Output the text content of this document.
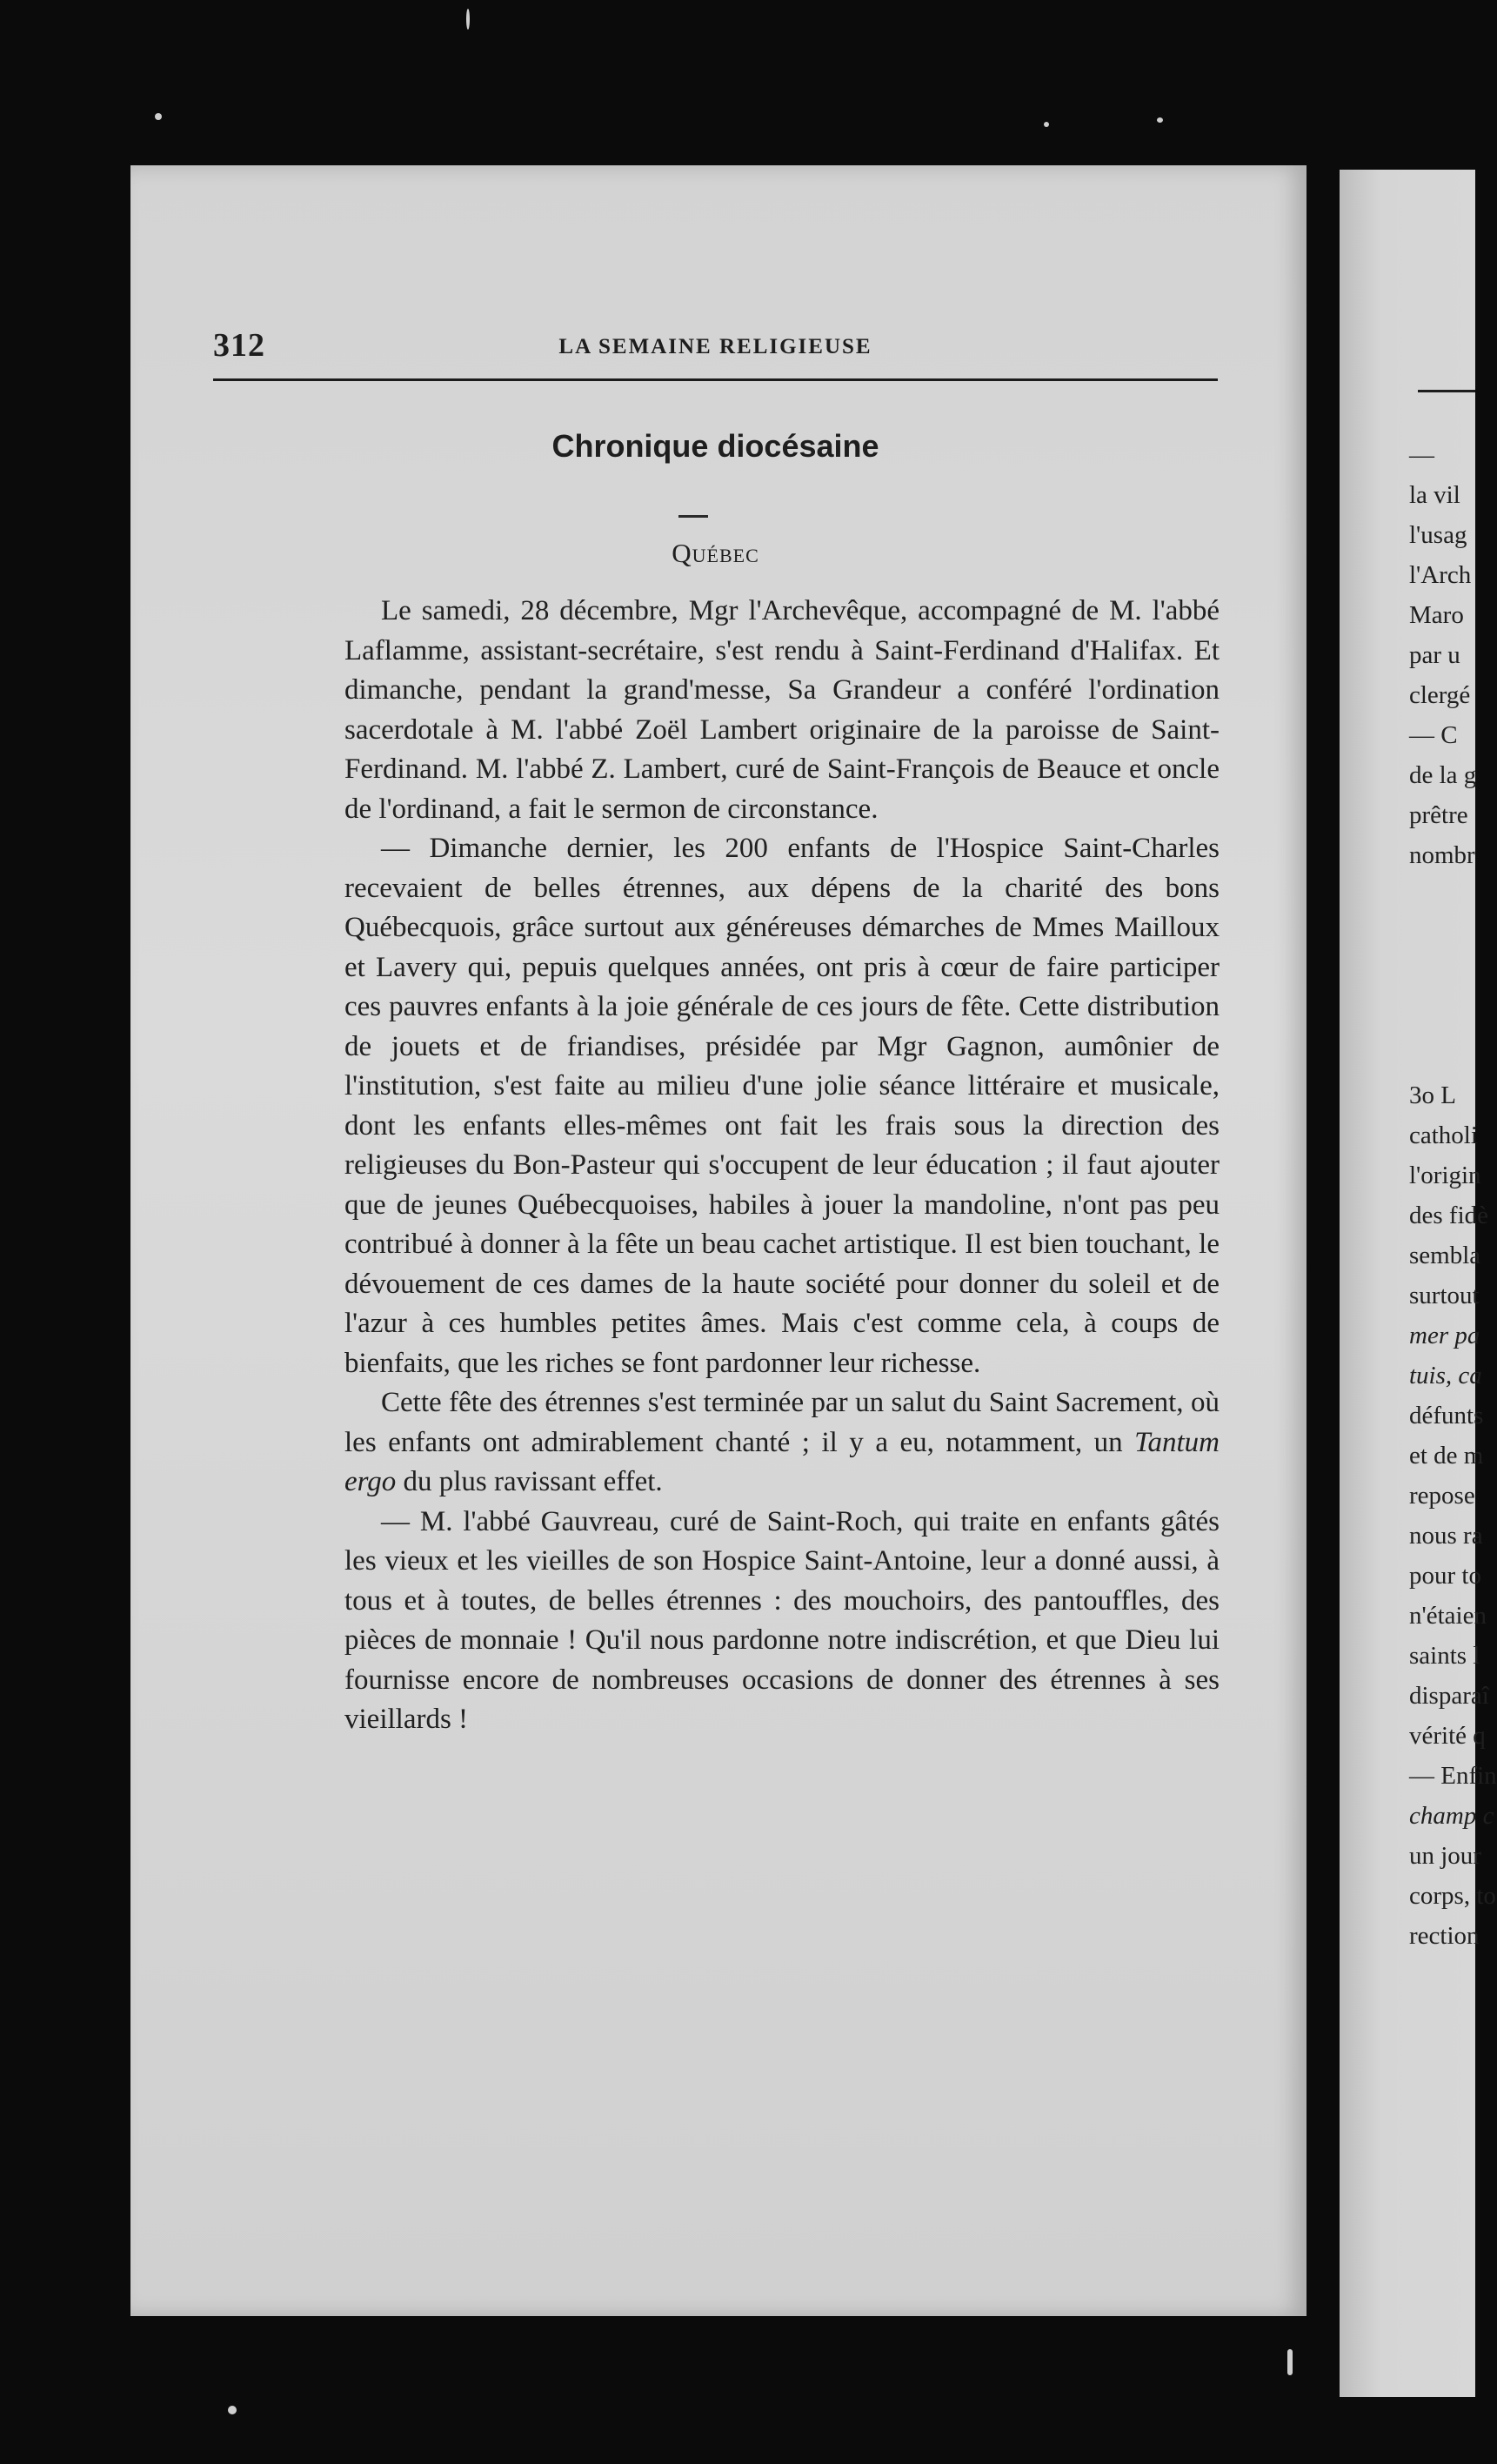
312	LA SEMAINE RELIGIEUSE
Chronique diocésaine
Québec

Le samedi, 28 décembre, Mgr l'Archevêque, accompagné de M. l'abbé Laflamme, assistant-secrétaire, s'est rendu à Saint-Ferdinand d'Halifax. Et dimanche, pendant la grand'messe, Sa Grandeur a conféré l'ordination sacerdotale à M. l'abbé Zoël Lambert originaire de la paroisse de Saint-Ferdinand. M. l'abbé Z. Lambert, curé de Saint-François de Beauce et oncle de l'ordinand, a fait le sermon de circonstance.

— Dimanche dernier, les 200 enfants de l'Hospice Saint-Charles recevaient de belles étrennes, aux dépens de la charité des bons Québecquois, grâce surtout aux généreuses démarches de Mmes Mailloux et Lavery qui, pepuis quelques années, ont pris à cœur de faire participer ces pauvres enfants à la joie générale de ces jours de fête. Cette distribution de jouets et de friandises, présidée par Mgr Gagnon, aumônier de l'institution, s'est faite au milieu d'une jolie séance littéraire et musicale, dont les enfants elles-mêmes ont fait les frais sous la direction des religieuses du Bon-Pasteur qui s'occupent de leur éducation ; il faut ajouter que de jeunes Québecquoises, habiles à jouer la mandoline, n'ont pas peu contribué à donner à la fête un beau cachet artistique. Il est bien touchant, le dévouement de ces dames de la haute société pour donner du soleil et de l'azur à ces humbles petites âmes. Mais c'est comme cela, à coups de bienfaits, que les riches se font pardonner leur richesse.

Cette fête des étrennes s'est terminée par un salut du Saint Sacrement, où les enfants ont admirablement chanté ; il y a eu, notamment, un Tantum ergo du plus ravissant effet.

— M. l'abbé Gauvreau, curé de Saint-Roch, qui traite en enfants gâtés les vieux et les vieilles de son Hospice Saint-Antoine, leur a donné aussi, à tous et à toutes, de belles étrennes : des mouchoirs, des pantouffles, des pièces de monnaie ! Qu'il nous pardonne notre indiscrétion, et que Dieu lui fournisse encore de nombreuses occasions de donner des étrennes à ses vieillards !

—
la vil
l'usag
l'Arch
Maro
par u
clergé
— C
de la g
prêtre
nombr
3o L
catholi
l'origin
des fidè
sembla
surtout
mer pa
tuis, ca
défunts
et de m
repose
nous ra
pour to
n'étaien
saints l
disparaî
vérité q
— Enfin
champ c
un jour
corps, to
rection
